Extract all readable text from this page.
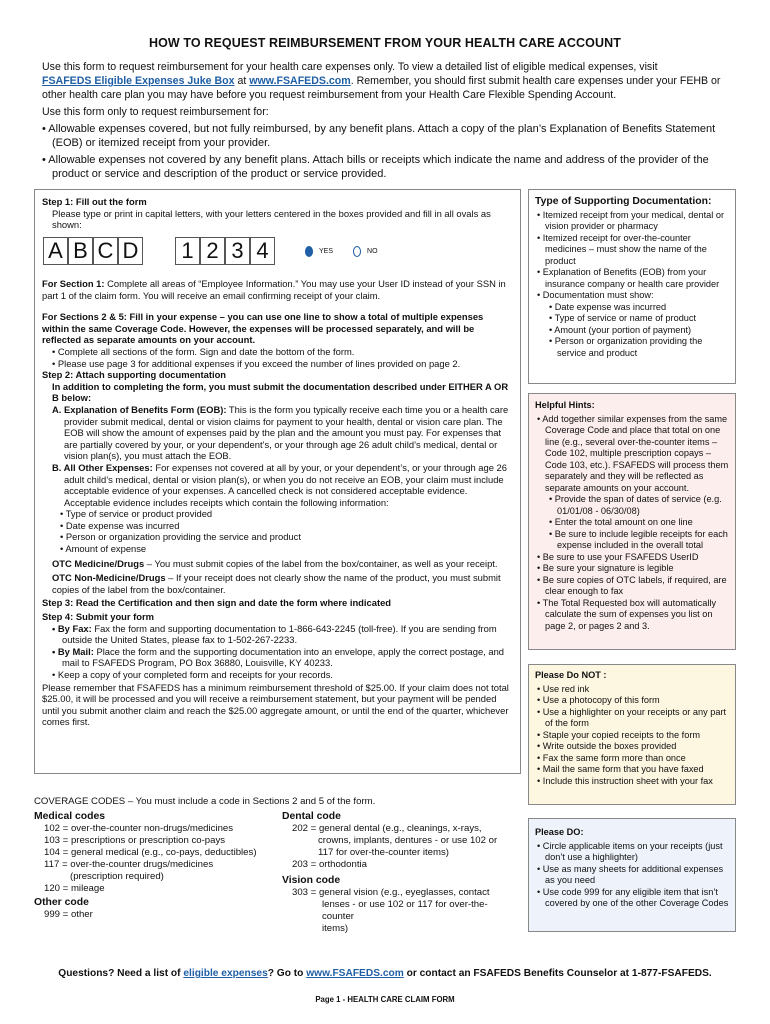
HOW TO REQUEST REIMBURSEMENT FROM YOUR HEALTH CARE ACCOUNT

Use this form to request reimbursement for your health care expenses only. To view a detailed list of eligible medical expenses, visit
FSAFEDS Eligible Expenses Juke Box at www.FSAFEDS.com. Remember, you should first submit health care expenses under your FEHB or other health care plan you may have before you request reimbursement from your Health Care Flexible Spending Account.

Use this form only to request reimbursement for:

• Allowable expenses covered, but not fully reimbursed, by any benefit plans. Attach a copy of the plan’s Explanation of Benefits Statement (EOB) or itemized receipt from your provider.

• Allowable expenses not covered by any benefit plans. Attach bills or receipts which indicate the name and address of the provider of the product or service and description of the product or service provided.

Step 1: Fill out the form

Please type or print in capital letters, with your letters centered in the boxes provided and fill in all ovals as shown:

A B C D 1 2 3 4	YES	NO

For Section 1: Complete all areas of “Employee Information.” You may use your User ID instead of your SSN in part 1 of the claim form. You will receive an email confirming receipt of your claim.

For Sections 2 & 5: Fill in your expense – you can use one line to show a total of multiple expenses within the same Coverage Code. However, the expenses will be processed separately, and will be reflected as separate amounts on your account.

• Complete all sections of the form. Sign and date the bottom of the form.

• Please use page 3 for additional expenses if you exceed the number of lines provided on page 2.

Step 2: Attach supporting documentation

In addition to completing the form, you must submit the documentation described under EITHER A OR B below:

A. Explanation of Benefits Form (EOB): This is the form you typically receive each time you or a health care provider submit medical, dental or vision claims for payment to your health, dental or vision care plan. The EOB will show the amount of expenses paid by the plan and the amount you must pay. For expenses that are partially covered by your, or your dependent’s, or your through age 26 adult child’s medical, dental or vision plan(s), you must attach the EOB.

B. All Other Expenses: For expenses not covered at all by your, or your dependent’s, or your through age 26 adult child’s medical, dental or vision plan(s), or when you do not receive an EOB, your claim must include acceptable evidence of your expenses. A cancelled check is not considered acceptable evidence. Acceptable evidence includes receipts which contain the following information:

• Type of service or product provided

• Date expense was incurred

• Person or organization providing the service and product

• Amount of expense

OTC Medicine/Drugs – You must submit copies of the label from the box/container, as well as your receipt.

OTC Non-Medicine/Drugs – If your receipt does not clearly show the name of the product, you must submit copies of the label from the box/container.

Step 3: Read the Certification and then sign and date the form where indicated

Step 4: Submit your form

• By Fax: Fax the form and supporting documentation to 1-866-643-2245 (toll-free). If you are sending from outside the United States, please fax to 1-502-267-2233.

• By Mail: Place the form and the supporting documentation into an envelope, apply the correct postage, and mail to FSAFEDS Program, PO Box 36880, Louisville, KY 40233.

• Keep a copy of your completed form and receipts for your records.

Please remember that FSAFEDS has a minimum reimbursement threshold of $25.00. If your claim does not total $25.00, it will be processed and you will receive a reimbursement statement, but your payment will be pended until you submit another claim and reach the $25.00 aggregate amount, or until the end of the quarter, whichever comes first.

Type of Supporting Documentation:
• Itemized receipt from your medical, dental or vision provider or pharmacy
• Itemized receipt for over-the-counter medicines – must show the name of the product
• Explanation of Benefits (EOB) from your insurance company or health care provider
• Documentation must show:
• Date expense was incurred
• Type of service or name of product
• Amount (your portion of payment)
• Person or organization providing the service and product
Helpful Hints:
• Add together similar expenses from the same Coverage Code and place that total on one line (e.g., several over-the-counter items – Code 102, multiple prescription copays – Code 103, etc.). FSAFEDS will process them separately and they will be reflected as separate amounts on your account.
• Provide the span of dates of service (e.g. 01/01/08 - 06/30/08)
• Enter the total amount on one line
• Be sure to include legible receipts for each expense included in the overall total
• Be sure to use your FSAFEDS UserID
• Be sure your signature is legible
• Be sure copies of OTC labels, if required, are clear enough to fax
• The Total Requested box will automatically calculate the sum of expenses you list on page 2, or pages 2 and 3.
Please Do NOT :
• Use red ink
• Use a photocopy of this form
• Use a highlighter on your receipts or any part of the form
• Staple your copied receipts to the form
• Write outside the boxes provided
• Fax the same form more than once
• Mail the same form that you have faxed
• Include this instruction sheet with your fax
Please DO:
• Circle applicable items on your receipts (just don’t use a highlighter)
• Use as many sheets for additional expenses as you need
• Use code 999 for any eligible item that isn’t covered by one of the other Coverage Codes
COVERAGE CODES – You must include a code in Sections 2 and 5 of the form.
Medical codes
102 = over-the-counter non-drugs/medicines
103 = prescriptions or prescription co-pays
104 = general medical (e.g., co-pays, deductibles)
117 = over-the-counter drugs/medicines
(prescription required)
120 = mileage
Other code
999 = other
Dental code
202 = general dental (e.g., cleanings, x-rays,
crowns, implants, dentures - or use 102 or
117 for over-the-counter items)
203 = orthodontia
Vision code
303 = general vision (e.g., eyeglasses, contact
lenses - or use 102 or 117 for over-the-counter
items)
Questions? Need a list of eligible expenses? Go to www.FSAFEDS.com or contact an FSAFEDS Benefits Counselor at 1-877-FSAFEDS.
Page 1 - HEALTH CARE CLAIM FORM
